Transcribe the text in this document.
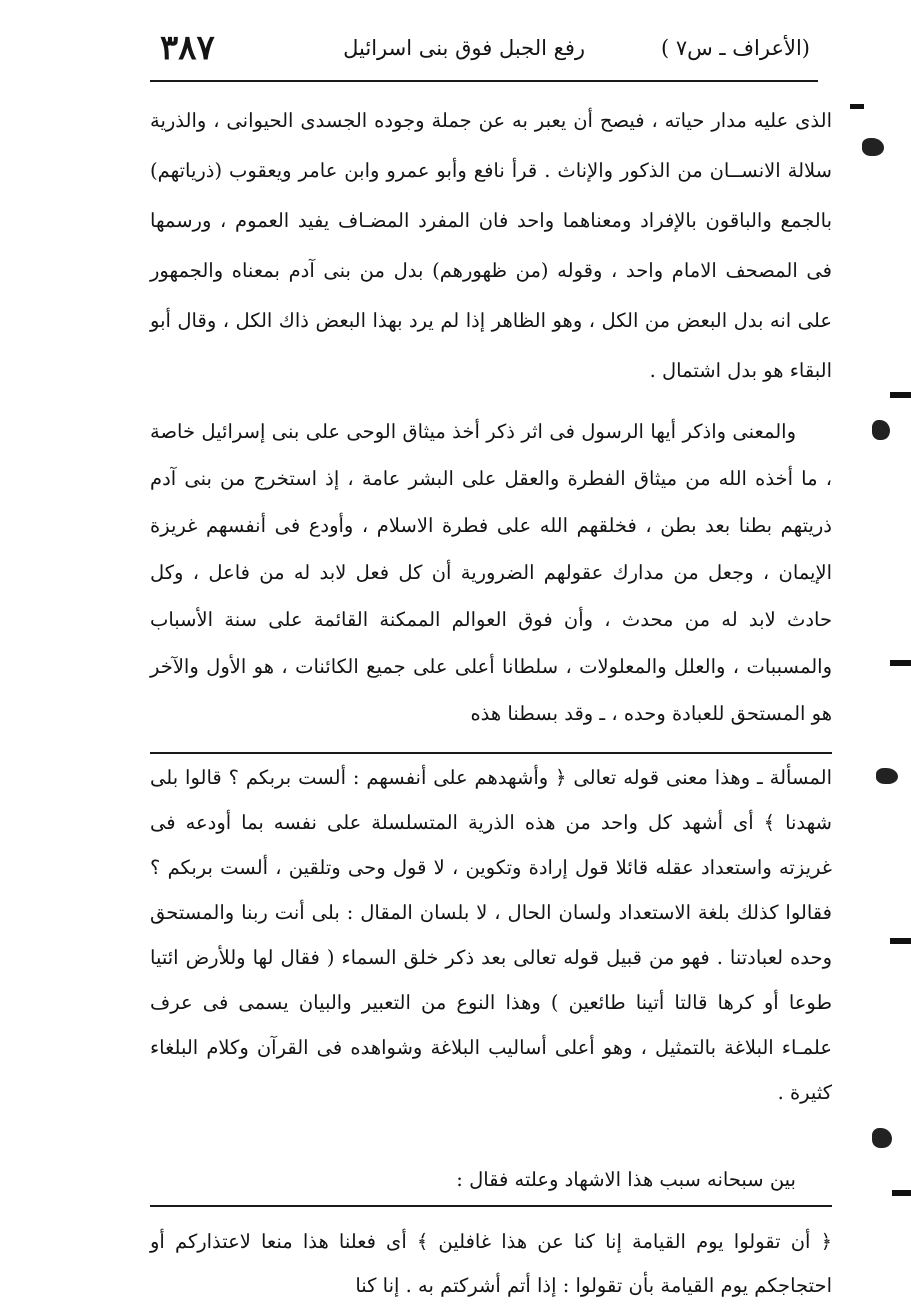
(الأعراف ـ س٧ )
رفع الجبل فوق بنى اسرائيل
٣٨٧

الذى عليه مدار حياته ، فيصح أن يعبر به عن جملة وجوده الجسدى الحيوانى ، والذرية سلالة الانســان من الذكور والإناث . قرأ نافع وأبو عمرو وابن عامر ويعقوب (ذرياتهم) بالجمع والباقون بالإفراد ومعناهما واحد فان المفرد المضـاف يفيد العموم ، ورسمها فى المصحف الامام واحد ، وقوله (من ظهورهم) بدل من بنى آدم بمعناه والجمهور على انه بدل البعض من الكل ، وهو الظاهر إذا لم يرد بهذا البعض ذاك الكل ، وقال أبو البقاء هو بدل اشتمال .

والمعنى واذكر أيها الرسول فى اثر ذكر أخذ ميثاق الوحى على بنى إسرائيل خاصة ، ما أخذه الله من ميثاق الفطرة والعقل على البشر عامة ، إذ استخرج من بنى آدم ذريتهم بطنا بعد بطن ، فخلقهم الله على فطرة الاسلام ، وأودع فى أنفسهم غريزة الإيمان ، وجعل من مدارك عقولهم الضرورية أن كل فعل لابد له من فاعل ، وكل حادث لابد له من محدث ، وأن فوق العوالم الممكنة القائمة على سنة الأسباب والمسببات ، والعلل والمعلولات ، سلطانا أعلى على جميع الكائنات ، هو الأول والآخر هو المستحق للعبادة وحده ، ـ وقد بسطنا هذه

المسألة ـ وهذا معنى قوله تعالى ﴿ وأشهدهم على أنفسهم : ألست بربكم ؟ قالوا بلى شهدنا ﴾ أى أشهد كل واحد من هذه الذرية المتسلسلة على نفسه بما أودعه فى غريزته واستعداد عقله قائلا قول إرادة وتكوين ، لا قول وحى وتلقين ، ألست بربكم ؟ فقالوا كذلك بلغة الاستعداد ولسان الحال ، لا بلسان المقال : بلى أنت ربنا والمستحق وحده لعبادتنا . فهو من قبيل قوله تعالى بعد ذكر خلق السماء ( فقال لها وللأرض ائتيا طوعا أو كرها قالتا أتينا طائعين ) وهذا النوع من التعبير والبيان يسمى فى عرف علمـاء البلاغة بالتمثيل ، وهو أعلى أساليب البلاغة وشواهده فى القرآن وكلام البلغاء كثيرة .

بين سبحانه سبب هذا الاشهاد وعلته فقال :

﴿ أن تقولوا يوم القيامة إنا كنا عن هذا غافلين ﴾ أى فعلنا هذا منعا لاعتذاركم أو احتجاجكم يوم القيامة بأن تقولوا : إذا أتم أشركتم به . إنا كنا
